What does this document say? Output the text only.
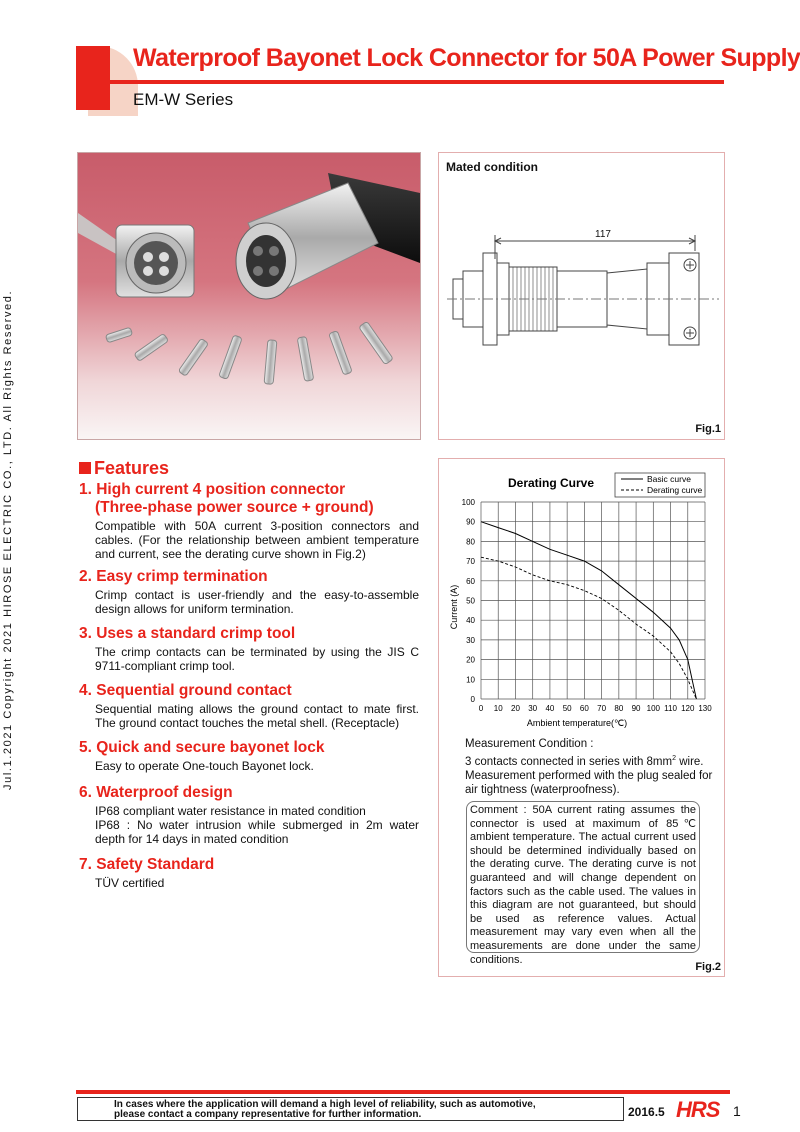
Waterproof Bayonet Lock Connector for 50A Power Supply
EM-W Series
Jul.1.2021 Copyright 2021 HIROSE ELECTRIC CO., LTD. All Rights Reserved.
Mated condition
117
Fig.1
Features
1. High current 4 position connector
(Three-phase power source + ground)
Compatible with 50A current 3-position connectors and cables. (For the relationship between ambient temperature and current, see the derating curve shown in Fig.2)
2. Easy crimp termination
Crimp contact is user-friendly and the easy-to-assemble design allows for uniform termination.
3. Uses a standard crimp tool
The crimp contacts can be terminated by using the JIS C 9711-compliant crimp tool.
4. Sequential ground contact
Sequential mating allows the ground contact to mate first. The ground contact touches the metal shell. (Receptacle)
5. Quick and secure bayonet lock
Easy to operate One-touch Bayonet lock.
6. Waterproof design
IP68 compliant water resistance in mated condition
IP68 : No water intrusion while submerged in 2m water depth for 14 days in mated condition
7. Safety Standard
TÜV certified
0 10 20 30 40 50 60 70 80 90 100 110 120 130
0
10
20
30
40
50
60
70
80
90
100
Derating Curve	Basic curve
Derating curve
Current (A)
Ambient temperature(℃)
Fig.2
Measurement Condition :
3 contacts connected in series with $8mm^2$ wire.
Measurement performed with the plug sealed for air tightness (waterproofness).
Comment : 50A current rating assumes the connector is used at maximum of 85℃ ambient temperature. The actual current used should be determined individually based on the derating curve. The derating curve is not guaranteed and will change dependent on factors such as the cable used. The values in this diagram are not guaranteed, but should be used as reference values. Actual measurement may vary even when all the measurements are done under the same conditions.
In cases where the application will demand a high level of reliability, such as automotive,
please contact a company representative for further information.	2016.5 HRS 1
